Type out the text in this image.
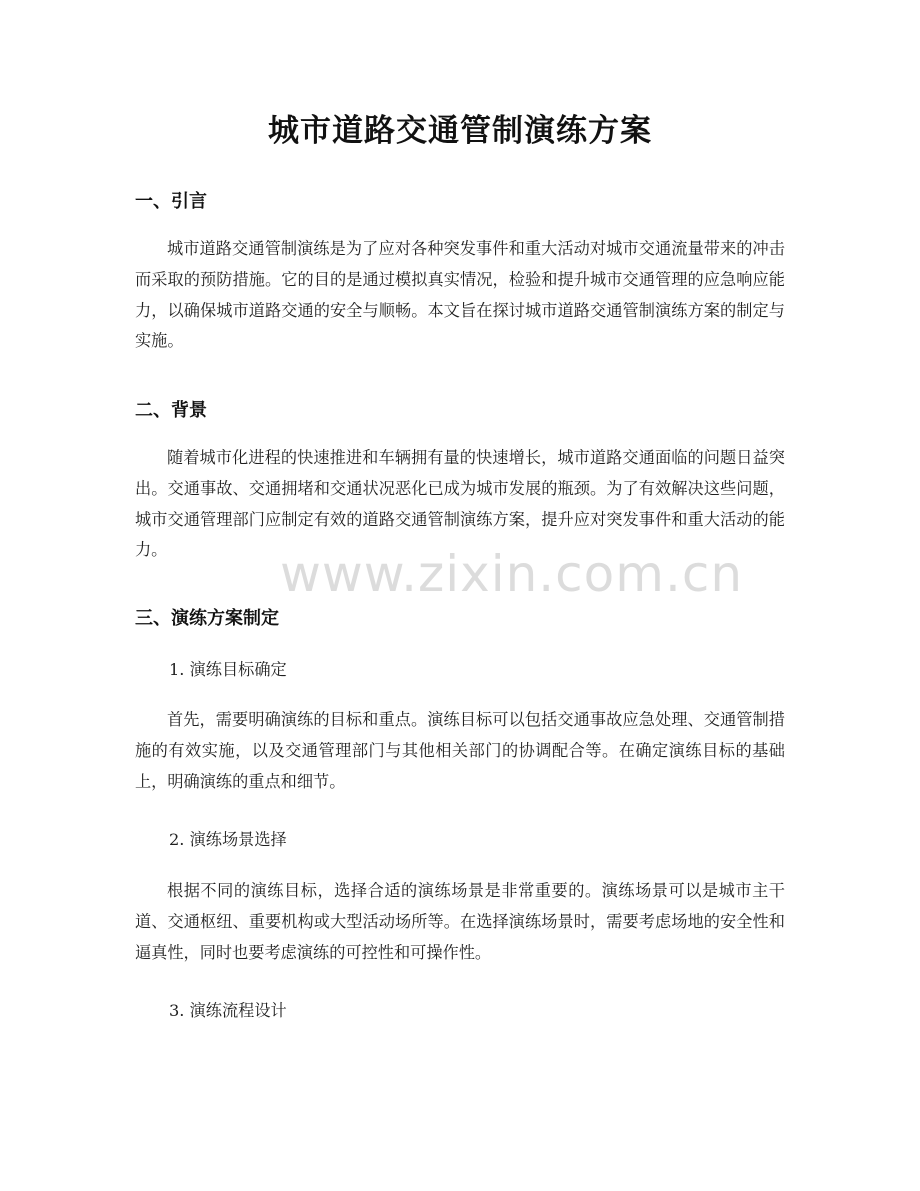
城市道路交通管制演练方案
一、引言

城市道路交通管制演练是为了应对各种突发事件和重大活动对城市交通流量带来的冲击而采取的预防措施。它的目的是通过模拟真实情况，检验和提升城市交通管理的应急响应能力，以确保城市道路交通的安全与顺畅。本文旨在探讨城市道路交通管制演练方案的制定与实施。

二、背景

随着城市化进程的快速推进和车辆拥有量的快速增长，城市道路交通面临的问题日益突出。交通事故、交通拥堵和交通状况恶化已成为城市发展的瓶颈。为了有效解决这些问题，城市交通管理部门应制定有效的道路交通管制演练方案，提升应对突发事件和重大活动的能力。

三、演练方案制定

1. 演练目标确定

首先，需要明确演练的目标和重点。演练目标可以包括交通事故应急处理、交通管制措施的有效实施，以及交通管理部门与其他相关部门的协调配合等。在确定演练目标的基础上，明确演练的重点和细节。

2. 演练场景选择

根据不同的演练目标，选择合适的演练场景是非常重要的。演练场景可以是城市主干道、交通枢纽、重要机构或大型活动场所等。在选择演练场景时，需要考虑场地的安全性和逼真性，同时也要考虑演练的可控性和可操作性。

3. 演练流程设计

www.zixin.com.cn
